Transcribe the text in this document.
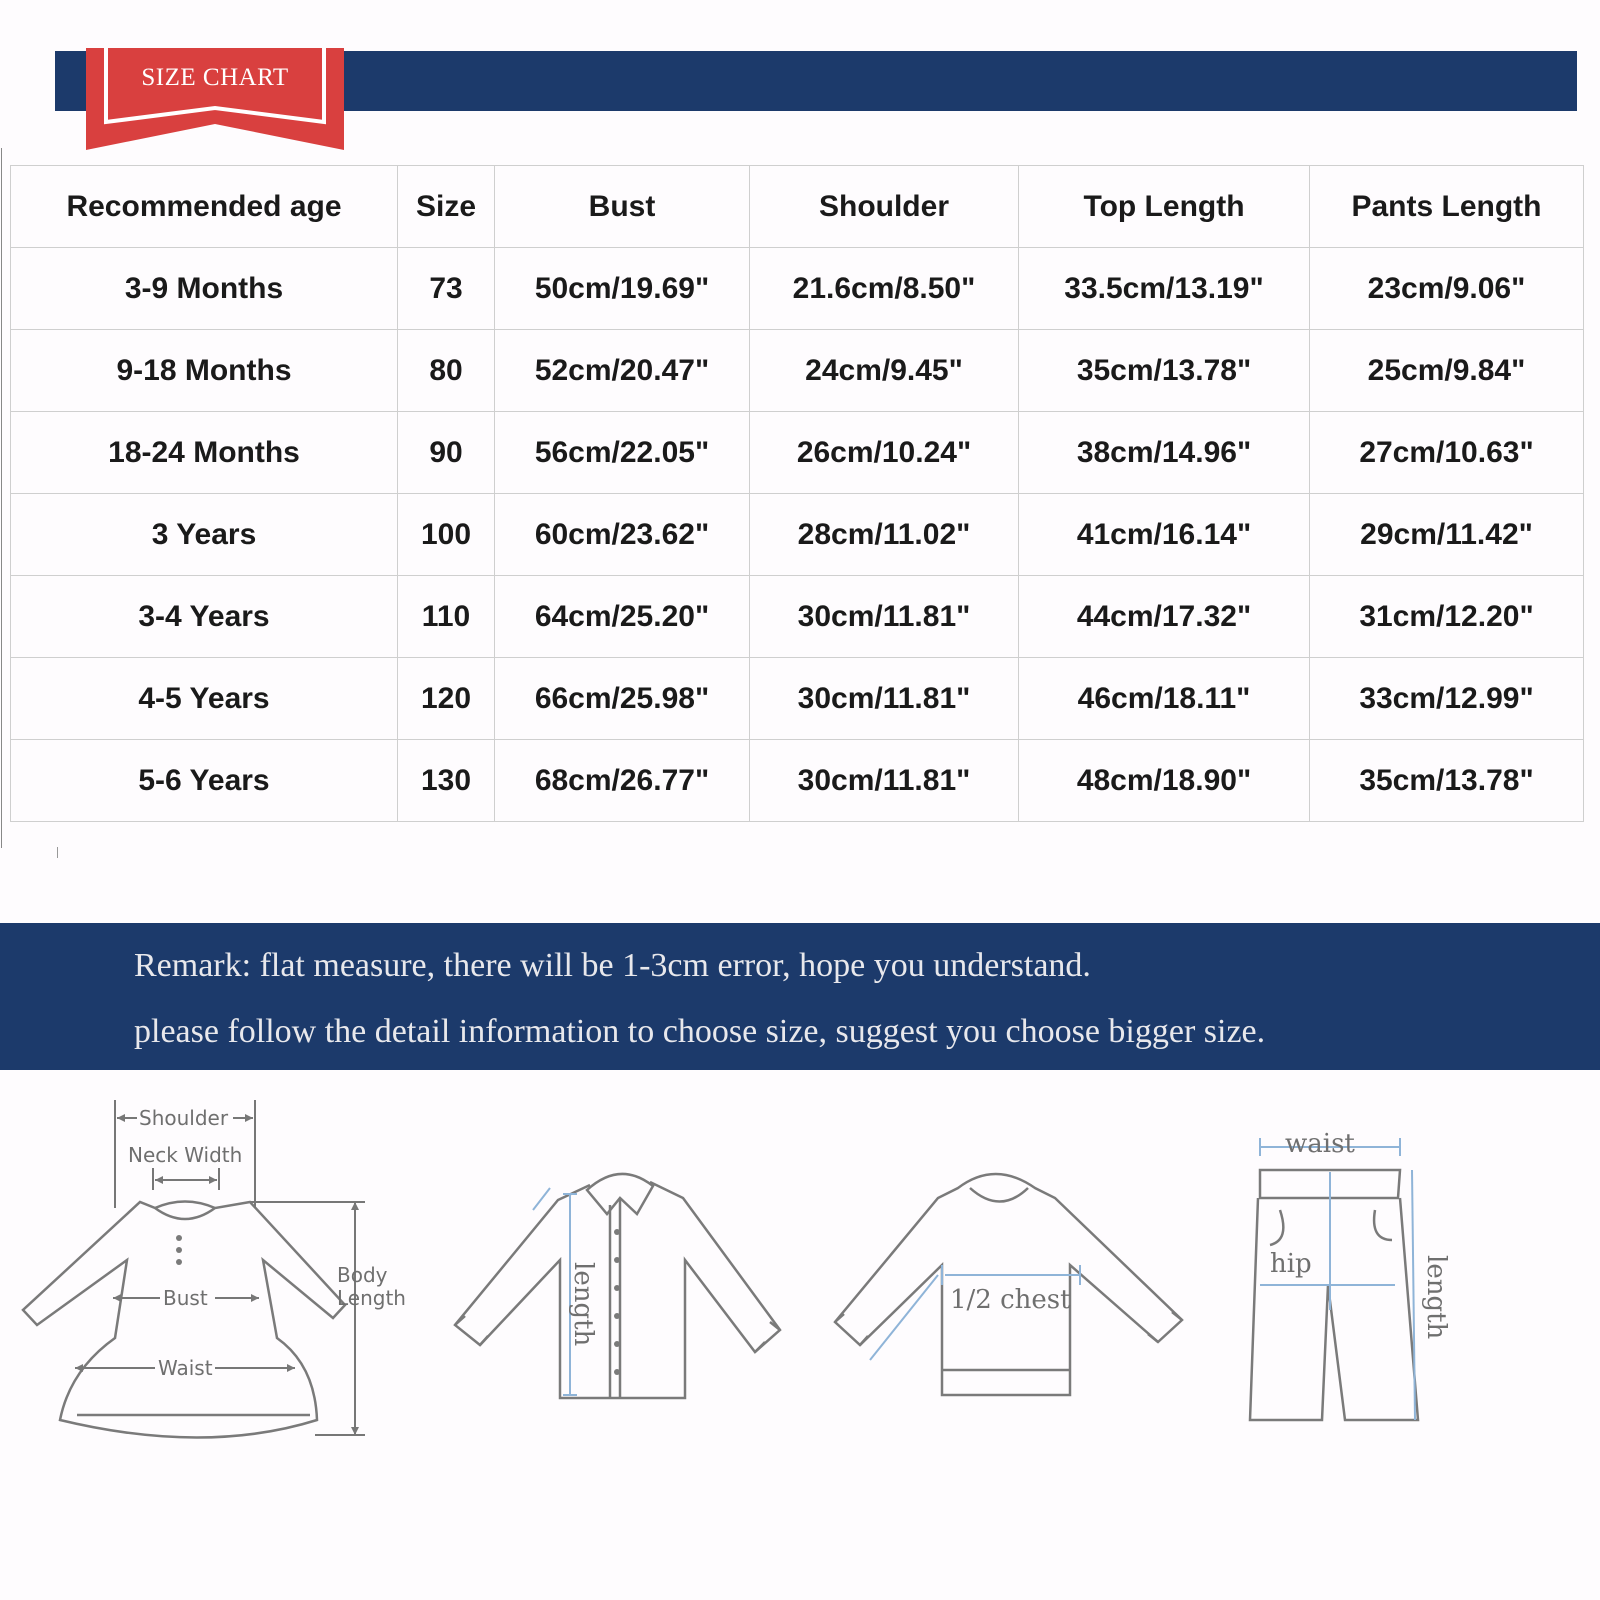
SIZE CHART
Recommended age	Size	Bust	Shoulder	Top Length	Pants Length
3-9 Months	73	50cm/19.69"	21.6cm/8.50"	33.5cm/13.19"	23cm/9.06"
9-18 Months	80	52cm/20.47"	24cm/9.45"	35cm/13.78"	25cm/9.84"
18-24 Months	90	56cm/22.05"	26cm/10.24"	38cm/14.96"	27cm/10.63"
3 Years	100	60cm/23.62"	28cm/11.02"	41cm/16.14"	29cm/11.42"
3-4 Years	110	64cm/25.20"	30cm/11.81"	44cm/17.32"	31cm/12.20"
4-5 Years	120	66cm/25.98"	30cm/11.81"	46cm/18.11"	33cm/12.99"
5-6 Years	130	68cm/26.77"	30cm/11.81"	48cm/18.90"	35cm/13.78"
Remark: flat measure, there will be 1-3cm error, hope you understand.
please follow the detail information to choose size, suggest you choose bigger size.
Shoulder
Neck Width
Bust
Waist
Body
Length	length	1/2 chest
waist
hip	length
